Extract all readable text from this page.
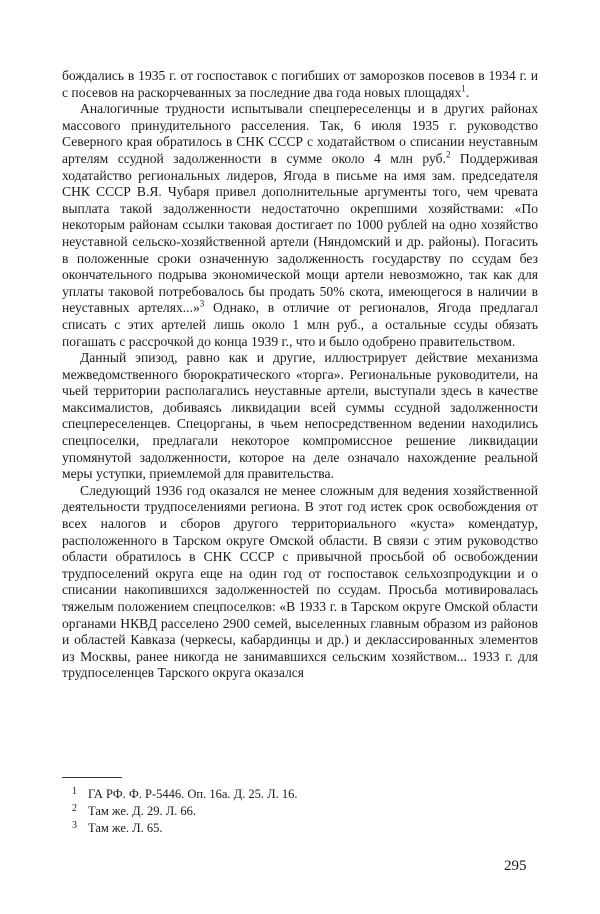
бождались в 1935 г. от госпоставок с погибших от заморозков посевов в 1934 г. и с посевов на раскорчеванных за последние два года новых площадях$^1$.

Аналогичные трудности испытывали спецпереселенцы и в других районах массового принудительного расселения. Так, 6 июля 1935 г. руководство Северного края обратилось в СНК СССР с ходатайством о списании неуставным артелям ссудной задолженности в сумме около 4 млн руб.$^2$ Поддерживая ходатайство региональных лидеров, Ягода в письме на имя зам. председателя СНК СССР В.Я. Чубаря привел дополнительные аргументы того, чем чревата выплата такой задолженности недостаточно окрепшими хозяйствами: «По некоторым районам ссылки таковая достигает по 1000 рублей на одно хозяйство неуставной сельско-хозяйственной артели (Няндомский и др. районы). Погасить в положенные сроки означенную задолженность государству по ссудам без окончательного подрыва экономической мощи артели невозможно, так как для уплаты таковой потребовалось бы продать 50% скота, имеющегося в наличии в неуставных артелях...»$^3$ Однако, в отличие от регионалов, Ягода предлагал списать с этих артелей лишь около 1 млн руб., а остальные ссуды обязать погашать с рассрочкой до конца 1939 г., что и было одобрено правительством.

Данный эпизод, равно как и другие, иллюстрирует действие механизма межведомственного бюрократического «торга». Региональные руководители, на чьей территории располагались неуставные артели, выступали здесь в качестве максималистов, добиваясь ликвидации всей суммы ссудной задолженности спецпереселенцев. Спецорганы, в чьем непосредственном ведении находились спецпоселки, предлагали некоторое компромиссное решение ликвидации упомянутой задолженности, которое на деле означало нахождение реальной меры уступки, приемлемой для правительства.

Следующий 1936 год оказался не менее сложным для ведения хозяйственной деятельности трудпоселениями региона. В этот год истек срок освобождения от всех налогов и сборов другого территориального «куста» комендатур, расположенного в Тарском округе Омской области. В связи с этим руководство области обратилось в СНК СССР с привычной просьбой об освобождении трудпоселений округа еще на один год от госпоставок сельхозпродукции и о списании накопившихся задолженностей по ссудам. Просьба мотивировалась тяжелым положением спецпоселков: «В 1933 г. в Тарском округе Омской области органами НКВД расселено 2900 семей, выселенных главным образом из районов и областей Кавказа (черкесы, кабардинцы и др.) и деклассированных элементов из Москвы, ранее никогда не занимавшихся сельским хозяйством... 1933 г. для трудпоселенцев Тарского округа оказался

1 ГА РФ. Ф. Р-5446. Оп. 16а. Д. 25. Л. 16.
2 Там же. Д. 29. Л. 66.
3 Там же. Л. 65.
295
